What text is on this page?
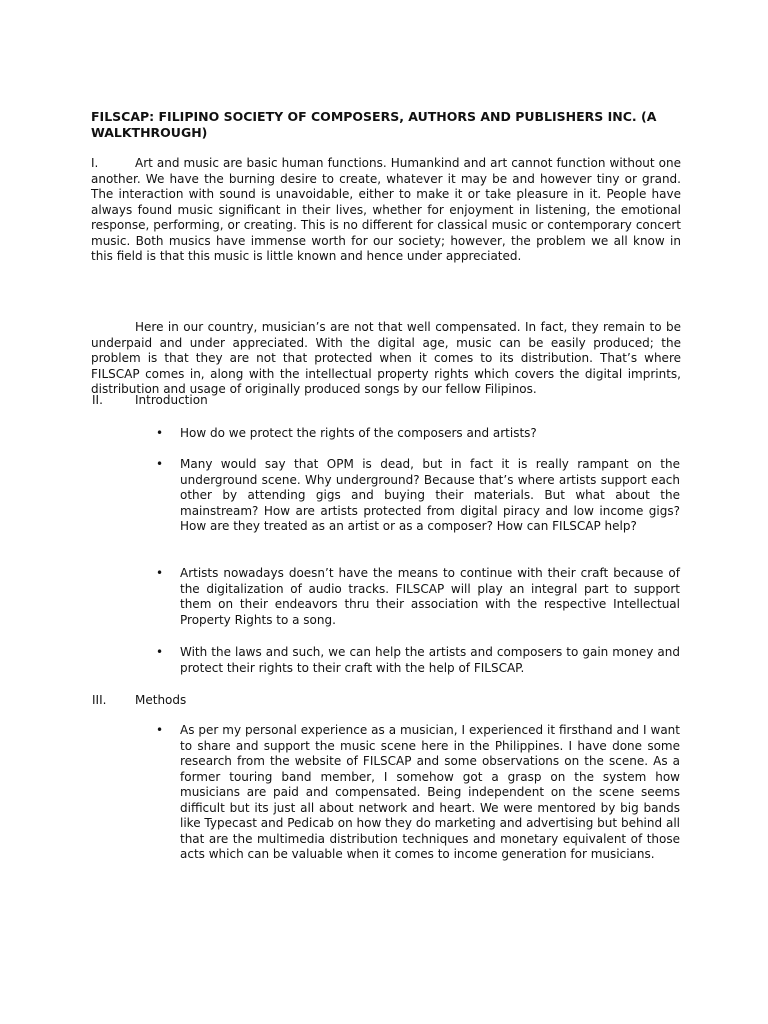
FILSCAP: FILIPINO SOCIETY OF COMPOSERS, AUTHORS AND PUBLISHERS INC. (A WALKTHROUGH)

I.	Art and music are basic human functions. Humankind and art cannot function without one another. We have the burning desire to create, whatever it may be and however tiny or grand. The interaction with sound is unavoidable, either to make it or take pleasure in it. People have always found music significant in their lives, whether for enjoyment in listening, the emotional response, performing, or creating. This is no different for classical music or contemporary concert music. Both musics have immense worth for our society; however, the problem we all know in this field is that this music is little known and hence under appreciated.

Here in our country, musician’s are not that well compensated. In fact, they remain to be underpaid and under appreciated. With the digital age, music can be easily produced; the problem is that they are not that protected when it comes to its distribution. That’s where FILSCAP comes in, along with the intellectual property rights which covers the digital imprints, distribution and usage of originally produced songs by our fellow Filipinos.

II.	Introduction
• How do we protect the rights of the composers and artists?
• Many would say that OPM is dead, but in fact it is really rampant on the underground scene. Why underground? Because that’s where artists support each other by attending gigs and buying their materials. But what about the mainstream? How are artists protected from digital piracy and low income gigs? How are they treated as an artist or as a composer? How can FILSCAP help?
• Artists nowadays doesn’t have the means to continue with their craft because of the digitalization of audio tracks. FILSCAP will play an integral part to support them on their endeavors thru their association with the respective Intellectual Property Rights to a song.
• With the laws and such, we can help the artists and composers to gain money and protect their rights to their craft with the help of FILSCAP.
III. Methods
• As per my personal experience as a musician, I experienced it firsthand and I want to share and support the music scene here in the Philippines. I have done some research from the website of FILSCAP and some observations on the scene. As a former touring band member, I somehow got a grasp on the system how musicians are paid and compensated. Being independent on the scene seems difficult but its just all about network and heart. We were mentored by big bands like Typecast and Pedicab on how they do marketing and advertising but behind all that are the multimedia distribution techniques and monetary equivalent of those acts which can be valuable when it comes to income generation for musicians.
